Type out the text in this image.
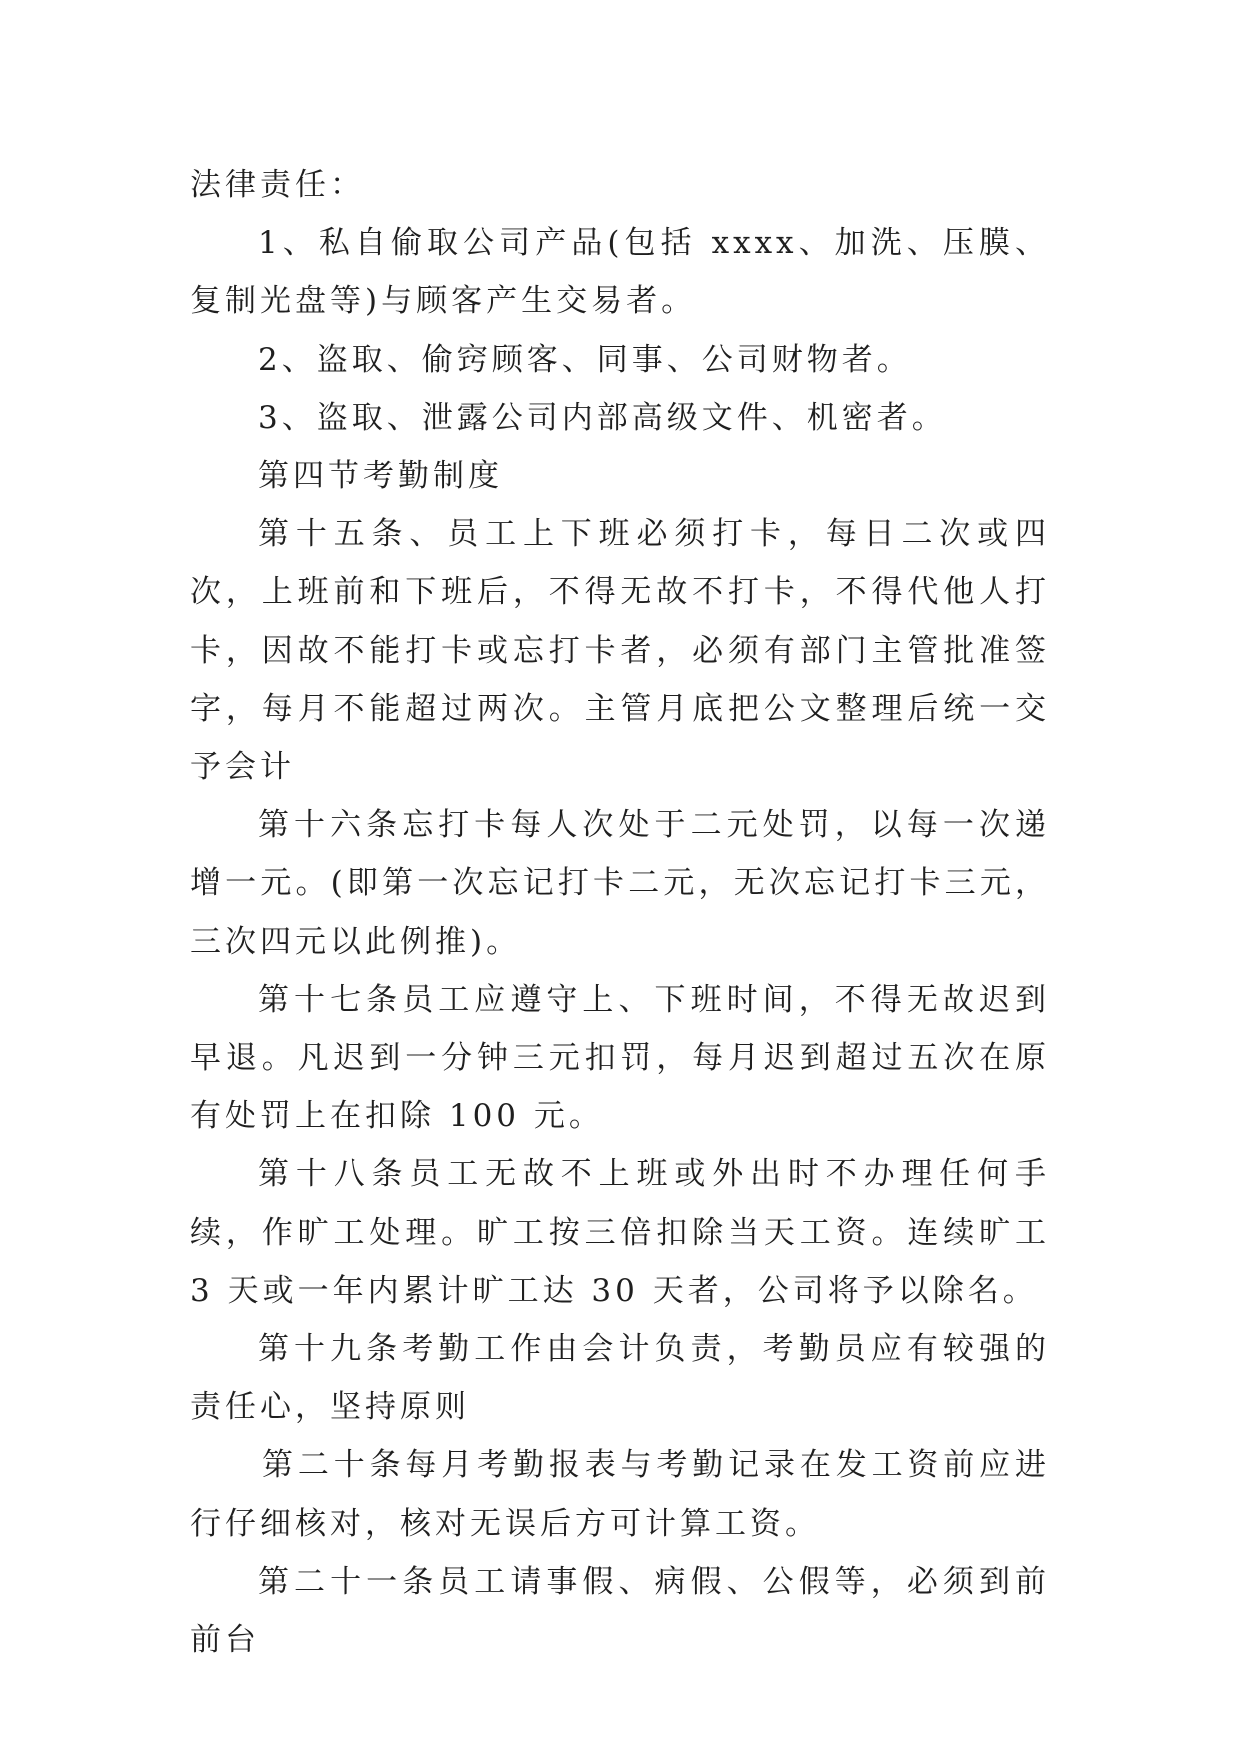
法律责任：

1、私自偷取公司产品(包括 xxxx、加洗、压膜、复制光盘等)与顾客产生交易者。

2、盗取、偷窍顾客、同事、公司财物者。

3、盗取、泄露公司内部高级文件、机密者。

第四节考勤制度

第十五条、员工上下班必须打卡，每日二次或四次，上班前和下班后，不得无故不打卡，不得代他人打卡，因故不能打卡或忘打卡者，必须有部门主管批准签字，每月不能超过两次。主管月底把公文整理后统一交予会计

第十六条忘打卡每人次处于二元处罚，以每一次递增一元。(即第一次忘记打卡二元，无次忘记打卡三元，三次四元以此例推)。

第十七条员工应遵守上、下班时间，不得无故迟到早退。凡迟到一分钟三元扣罚，每月迟到超过五次在原有处罚上在扣除 100 元。

第十八条员工无故不上班或外出时不办理任何手续，作旷工处理。旷工按三倍扣除当天工资。连续旷工 3 天或一年内累计旷工达 30 天者，公司将予以除名。

第十九条考勤工作由会计负责，考勤员应有较强的责任心，坚持原则

第二十条每月考勤报表与考勤记录在发工资前应进行仔细核对，核对无误后方可计算工资。

第二十一条员工请事假、病假、公假等，必须到前前台
